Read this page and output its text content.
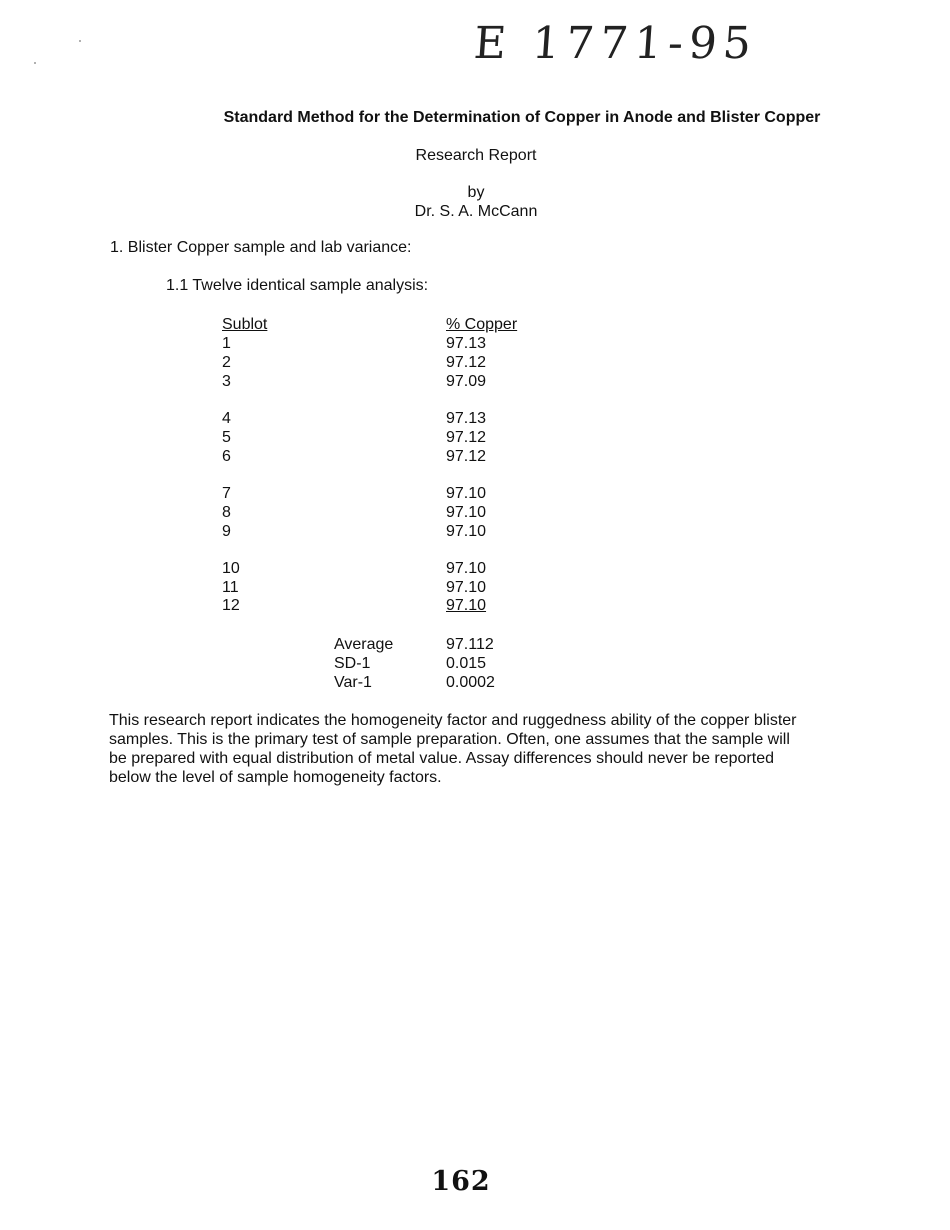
E 1771-95
Standard Method for the Determination of Copper in Anode and Blister Copper
Research Report
by
Dr. S. A. McCann
1. Blister Copper sample and lab variance:
1.1 Twelve identical sample analysis:
Sublot	% Copper
1	97.13
2	97.12
3	97.09
4	97.13
5	97.12
6	97.12
7	97.10
8	97.10
9	97.10
10	97.10
11	97.10
12	97.10
Average	97.112
SD-1	0.015
Var-1	0.0002
This research report indicates the homogeneity factor and ruggedness ability of the copper blister samples. This is the primary test of sample preparation. Often, one assumes that the sample will be prepared with equal distribution of metal value. Assay differences should never be reported below the level of sample homogeneity factors.
162
